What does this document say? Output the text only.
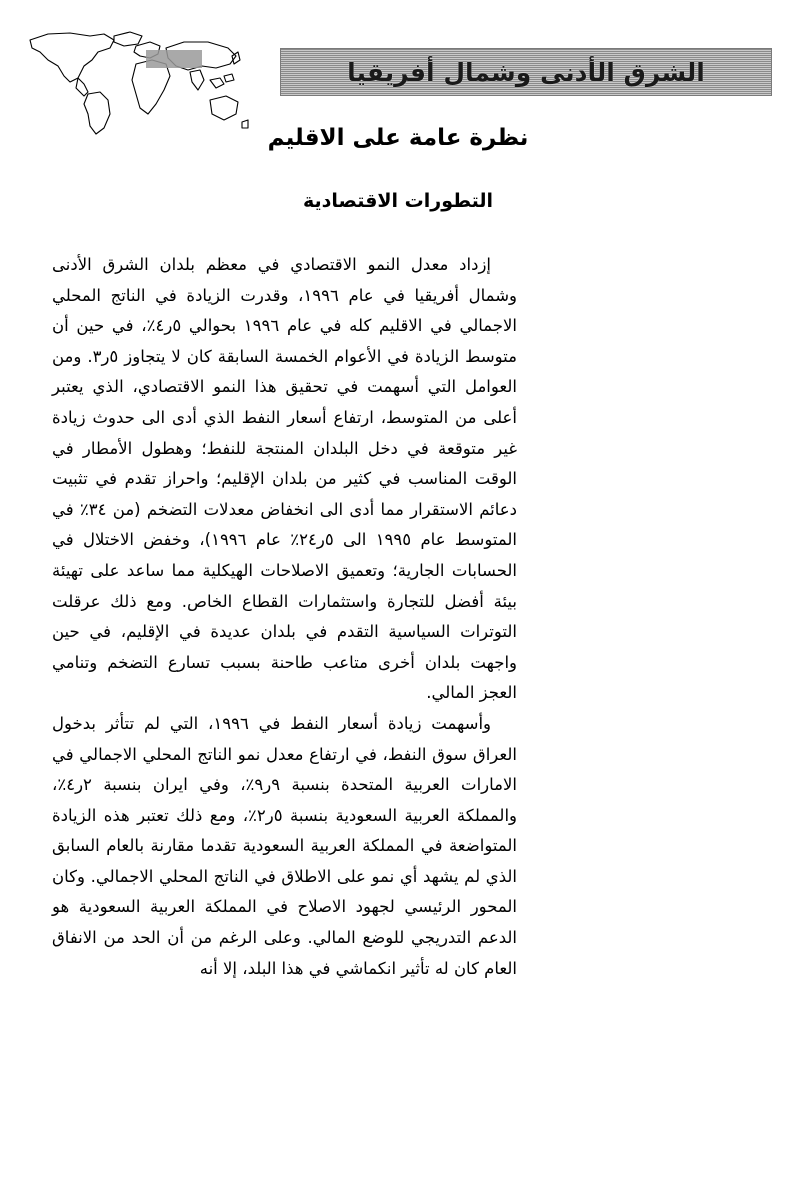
الشرق الأدنى وشمال أفريقيا
نظرة عامة على الاقليم
التطورات الاقتصادية

إزداد معدل النمو الاقتصادي في معظم بلدان الشرق الأدنى وشمال أفريقيا في عام ١٩٩٦، وقدرت الزيادة في الناتج المحلي الاجمالي في الاقليم كله في عام ١٩٩٦ بحوالي ٥ر٤٪، في حين أن متوسط الزيادة في الأعوام الخمسة السابقة كان لا يتجاوز ٥ر٣. ومن العوامل التي أسهمت في تحقيق هذا النمو الاقتصادي، الذي يعتبر أعلى من المتوسط، ارتفاع أسعار النفط الذي أدى الى حدوث زيادة غير متوقعة في دخل البلدان المنتجة للنفط؛ وهطول الأمطار في الوقت المناسب في كثير من بلدان الإقليم؛ واحراز تقدم في تثبيت دعائم الاستقرار مما أدى الى انخفاض معدلات التضخم (من ٣٤٪ في المتوسط عام ١٩٩٥ الى ٥ر٢٤٪ عام ١٩٩٦)، وخفض الاختلال في الحسابات الجارية؛ وتعميق الاصلاحات الهيكلية مما ساعد على تهيئة بيئة أفضل للتجارة واستثمارات القطاع الخاص. ومع ذلك عرقلت التوترات السياسية التقدم في بلدان عديدة في الإقليم، في حين واجهت بلدان أخرى متاعب طاحنة بسبب تسارع التضخم وتنامي العجز المالي.

وأسهمت زيادة أسعار النفط في ١٩٩٦، التي لم تتأثر بدخول العراق سوق النفط، في ارتفاع معدل نمو الناتج المحلي الاجمالي في الامارات العربية المتحدة بنسبة ٩ر٩٪، وفي ايران بنسبة ٢ر٤٪، والمملكة العربية السعودية بنسبة ٥ر٢٪، ومع ذلك تعتبر هذه الزيادة المتواضعة في المملكة العربية السعودية تقدما مقارنة بالعام السابق الذي لم يشهد أي نمو على الاطلاق في الناتج المحلي الاجمالي. وكان المحور الرئيسي لجهود الاصلاح في المملكة العربية السعودية هو الدعم التدريجي للوضع المالي. وعلى الرغم من أن الحد من الانفاق العام كان له تأثير انكماشي في هذا البلد، إلا أنه
